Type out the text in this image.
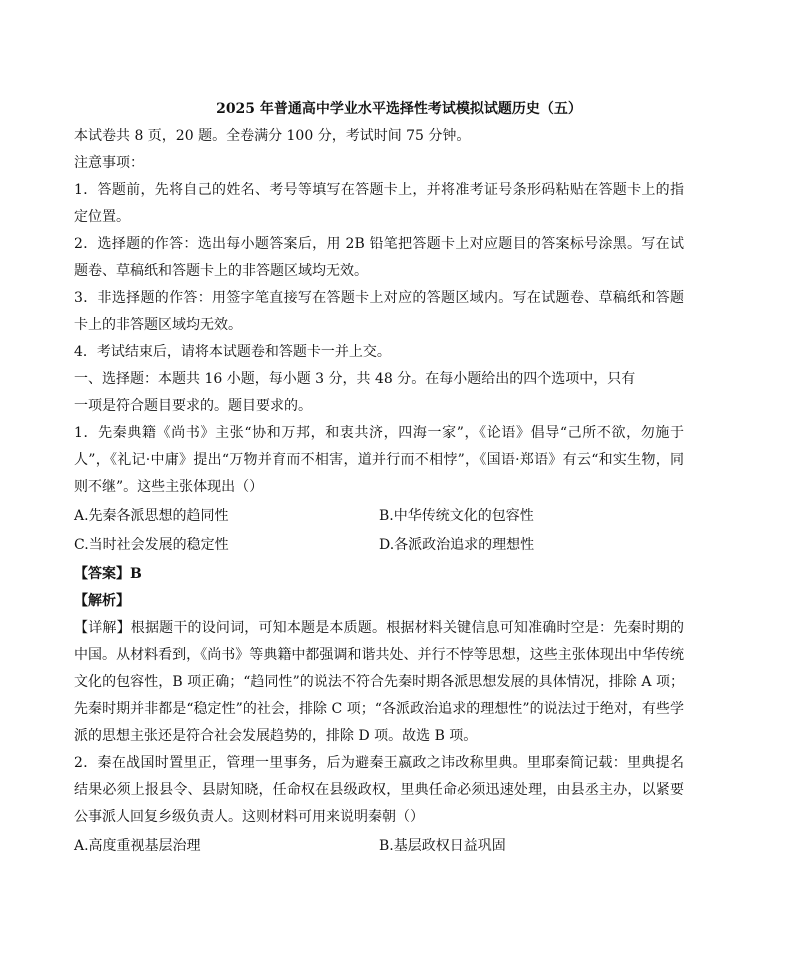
2025 年普通高中学业水平选择性考试模拟试题历史（五）
本试卷共 8 页，20 题。全卷满分 100 分，考试时间 75 分钟。
注意事项：
1．答题前，先将自己的姓名、考号等填写在答题卡上，并将准考证号条形码粘贴在答题卡上的指定位置。
2．选择题的作答：选出每小题答案后，用 2B 铅笔把答题卡上对应题目的答案标号涂黑。写在试题卷、草稿纸和答题卡上的非答题区域均无效。
3．非选择题的作答：用签字笔直接写在答题卡上对应的答题区域内。写在试题卷、草稿纸和答题卡上的非答题区域均无效。
4．考试结束后，请将本试题卷和答题卡一并上交。
一、选择题：本题共 16 小题，每小题 3 分，共 48 分。在每小题给出的四个选项中，只有一项是符合题目要求的。题目要求的。
1．先秦典籍《尚书》主张“协和万邦，和衷共济，四海一家”，《论语》倡导“己所不欲，勿施于人”，《礼记·中庸》提出“万物并育而不相害，道并行而不相悖”，《国语·郑语》有云“和实生物，同则不继”。这些主张体现出（）
A.先秦各派思想的趋同性	B.中华传统文化的包容性
C.当时社会发展的稳定性	D.各派政治追求的理想性
【答案】B
【解析】
【详解】根据题干的设问词，可知本题是本质题。根据材料关键信息可知准确时空是：先秦时期的中国。从材料看到，《尚书》等典籍中都强调和谐共处、并行不悖等思想，这些主张体现出中华传统文化的包容性，B 项正确；“趋同性”的说法不符合先秦时期各派思想发展的具体情况，排除 A 项；先秦时期并非都是“稳定性”的社会，排除 C 项；“各派政治追求的理想性”的说法过于绝对，有些学派的思想主张还是符合社会发展趋势的，排除 D 项。故选 B 项。
2．秦在战国时置里正，管理一里事务，后为避秦王嬴政之讳改称里典。里耶秦简记载：里典提名结果必须上报县令、县尉知晓，任命权在县级政权，里典任命必须迅速处理，由县丞主办，以紧要公事派人回复乡级负责人。这则材料可用来说明秦朝（）
A.高度重视基层治理	B.基层政权日益巩固
